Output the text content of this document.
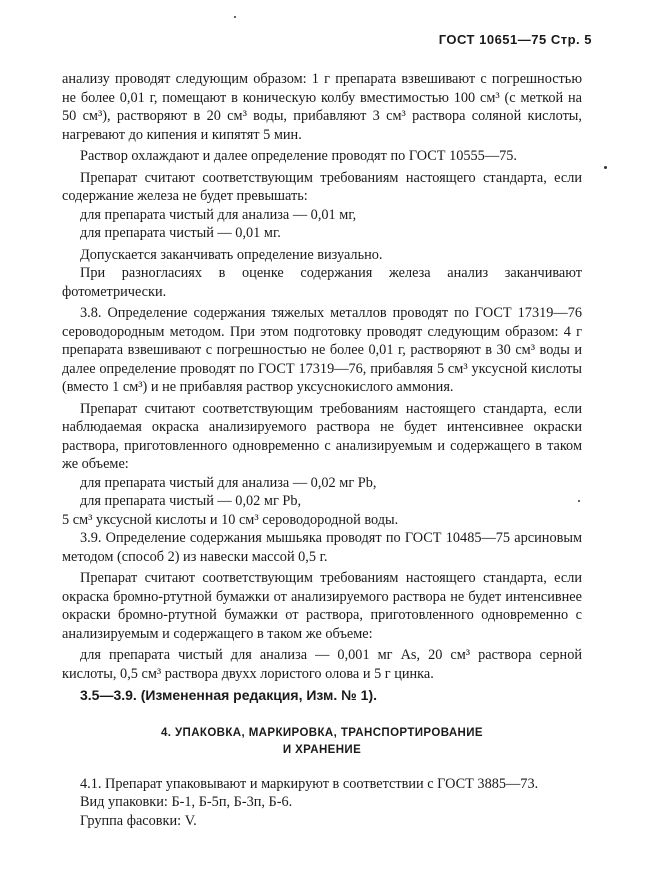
ГОСТ 10651—75 Стр. 5

анализу проводят следующим образом: 1 г препарата взвешивают с погрешностью не более 0,01 г, помещают в коническую колбу вместимостью 100 см³ (с меткой на 50 см³), растворяют в 20 см³ воды, прибавляют 3 см³ раствора соляной кислоты, нагревают до кипения и кипятят 5 мин.

Раствор охлаждают и далее определение проводят по ГОСТ 10555—75.

Препарат считают соответствующим требованиям настоящего стандарта, если содержание железа не будет превышать:

для препарата чистый для анализа — 0,01 мг,

для препарата чистый — 0,01 мг.

Допускается заканчивать определение визуально.

При разногласиях в оценке содержания железа анализ заканчивают фотометрически.

3.8. Определение содержания тяжелых металлов проводят по ГОСТ 17319—76 сероводородным методом. При этом подготовку проводят следующим образом: 4 г препарата взвешивают с погрешностью не более 0,01 г, растворяют в 30 см³ воды и далее определение проводят по ГОСТ 17319—76, прибавляя 5 см³ уксусной кислоты (вместо 1 см³) и не прибавляя раствор уксуснокислого аммония.

Препарат считают соответствующим требованиям настоящего стандарта, если наблюдаемая окраска анализируемого раствора не будет интенсивнее окраски раствора, приготовленного одновременно с анализируемым и содержащего в таком же объеме:

для препарата чистый для анализа — 0,02 мг Pb,

для препарата чистый — 0,02 мг Pb,

5 см³ уксусной кислоты и 10 см³ сероводородной воды.

3.9. Определение содержания мышьяка проводят по ГОСТ 10485—75 арсиновым методом (способ 2) из навески массой 0,5 г.

Препарат считают соответствующим требованиям настоящего стандарта, если окраска бромно-ртутной бумажки от анализируемого раствора не будет интенсивнее окраски бромно-ртутной бумажки от раствора, приготовленного одновременно с анализируемым и содержащего в таком же объеме:

для препарата чистый для анализа — 0,001 мг As, 20 см³ раствора серной кислоты, 0,5 см³ раствора двухх лористого олова и 5 г цинка.

3.5—3.9. (Измененная редакция, Изм. № 1).

4. УПАКОВКА, МАРКИРОВКА, ТРАНСПОРТИРОВАНИЕ
И ХРАНЕНИЕ

4.1. Препарат упаковывают и маркируют в соответствии с ГОСТ 3885—73.

Вид упаковки: Б-1, Б-5п, Б-3п, Б-6.

Группа фасовки: V.
